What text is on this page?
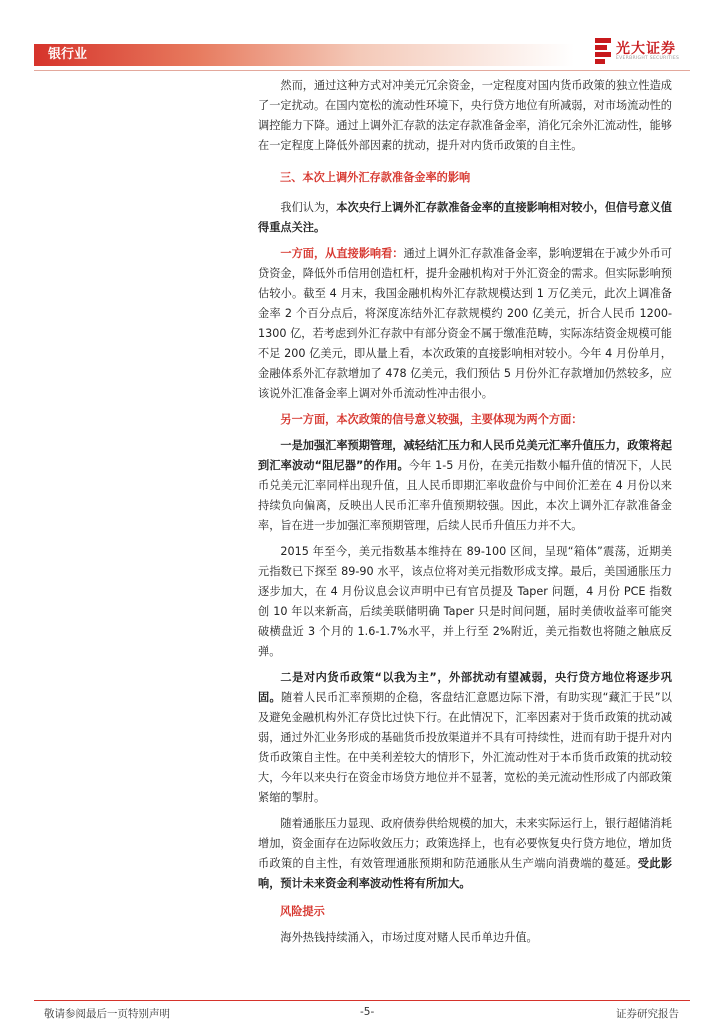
银行业	光大证券
EVERBRIGHT SECURITIES

然而，通过这种方式对冲美元冗余资金，一定程度对国内货币政策的独立性造成了一定扰动。在国内宽松的流动性环境下，央行贷方地位有所减弱，对市场流动性的调控能力下降。通过上调外汇存款的法定存款准备金率，消化冗余外汇流动性，能够在一定程度上降低外部因素的扰动，提升对内货币政策的自主性。

三、本次上调外汇存款准备金率的影响

我们认为，本次央行上调外汇存款准备金率的直接影响相对较小，但信号意义值得重点关注。

一方面，从直接影响看：通过上调外汇存款准备金率，影响逻辑在于减少外币可贷资金，降低外币信用创造杠杆，提升金融机构对于外汇资金的需求。但实际影响预估较小。截至 4 月末，我国金融机构外汇存款规模达到 1 万亿美元，此次上调准备金率 2 个百分点后，将深度冻结外汇存款规模约 200 亿美元，折合人民币 1200-1300 亿，若考虑到外汇存款中有部分资金不属于缴准范畴，实际冻结资金规模可能不足 200 亿美元，即从量上看，本次政策的直接影响相对较小。今年 4 月份单月，金融体系外汇存款增加了 478 亿美元，我们预估 5 月份外汇存款增加仍然较多，应该说外汇准备金率上调对外币流动性冲击很小。

另一方面，本次政策的信号意义较强，主要体现为两个方面：

一是加强汇率预期管理，减轻结汇压力和人民币兑美元汇率升值压力，政策将起到汇率波动“阻尼器”的作用。今年 1-5 月份，在美元指数小幅升值的情况下，人民币兑美元汇率同样出现升值，且人民币即期汇率收盘价与中间价汇差在 4 月份以来持续负向偏离，反映出人民币汇率升值预期较强。因此，本次上调外汇存款准备金率，旨在进一步加强汇率预期管理，后续人民币升值压力并不大。

2015 年至今，美元指数基本维持在 89-100 区间，呈现“箱体”震荡，近期美元指数已下探至 89-90 水平，该点位将对美元指数形成支撑。最后，美国通胀压力逐步加大，在 4 月份议息会议声明中已有官员提及 Taper 问题，4 月份 PCE 指数创 10 年以来新高，后续美联储明确 Taper 只是时间问题，届时美债收益率可能突破横盘近 3 个月的 1.6-1.7%水平，并上行至 2%附近，美元指数也将随之触底反弹。

二是对内货币政策“以我为主”，外部扰动有望减弱，央行贷方地位将逐步巩固。随着人民币汇率预期的企稳，客盘结汇意愿边际下滑，有助实现“藏汇于民”以及避免金融机构外汇存贷比过快下行。在此情况下，汇率因素对于货币政策的扰动减弱，通过外汇业务形成的基础货币投放渠道并不具有可持续性，进而有助于提升对内货币政策自主性。在中美利差较大的情形下，外汇流动性对于本币货币政策的扰动较大，今年以来央行在资金市场贷方地位并不显著，宽松的美元流动性形成了内部政策紧缩的掣肘。

随着通胀压力显现、政府债券供给规模的加大，未来实际运行上，银行超储消耗增加，资金面存在边际收敛压力；政策选择上，也有必要恢复央行贷方地位，增加货币政策的自主性，有效管理通胀预期和防范通胀从生产端向消费端的蔓延。受此影响，预计未来资金利率波动性将有所加大。

风险提示

海外热钱持续涌入，市场过度对赌人民币单边升值。

敬请参阅最后一页特别声明	-5-	证券研究报告
